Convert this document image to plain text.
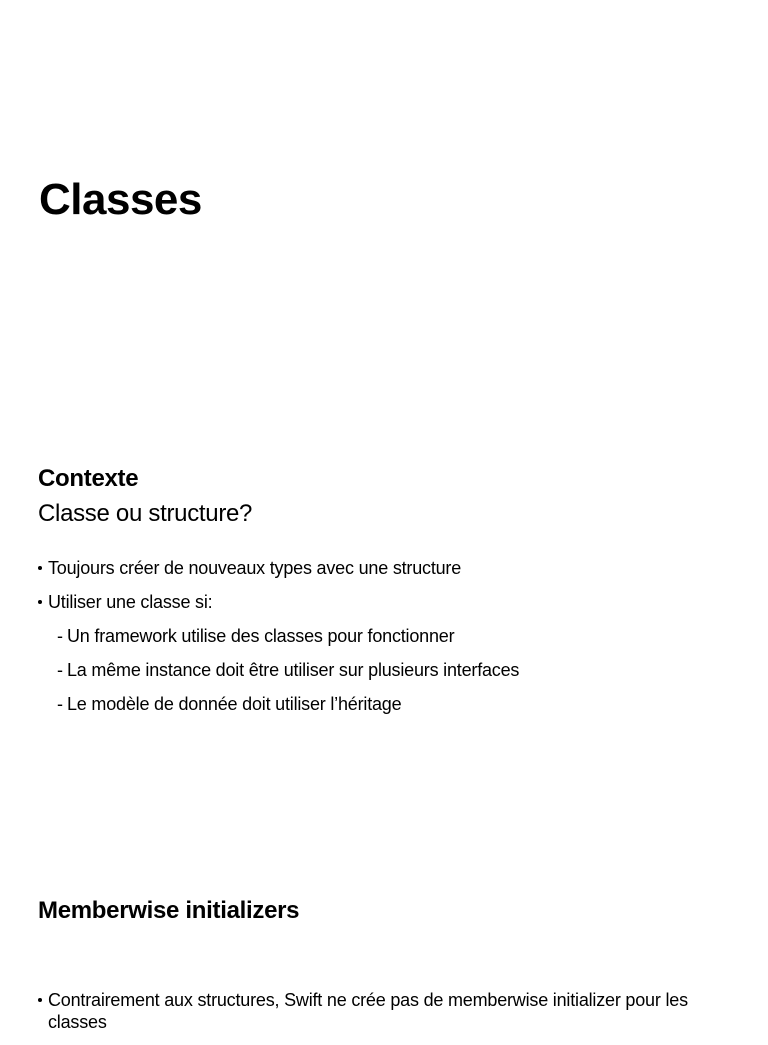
Classes
Contexte

Classe ou structure?

Toujours créer de nouveaux types avec une structure
Utiliser une classe si:
- Un framework utilise des classes pour fonctionner
- La même instance doit être utiliser sur plusieurs interfaces
- Le modèle de donnée doit utiliser l’héritage
Memberwise initializers
Contrairement aux structures, Swift ne crée pas de memberwise initializer pour les classes
